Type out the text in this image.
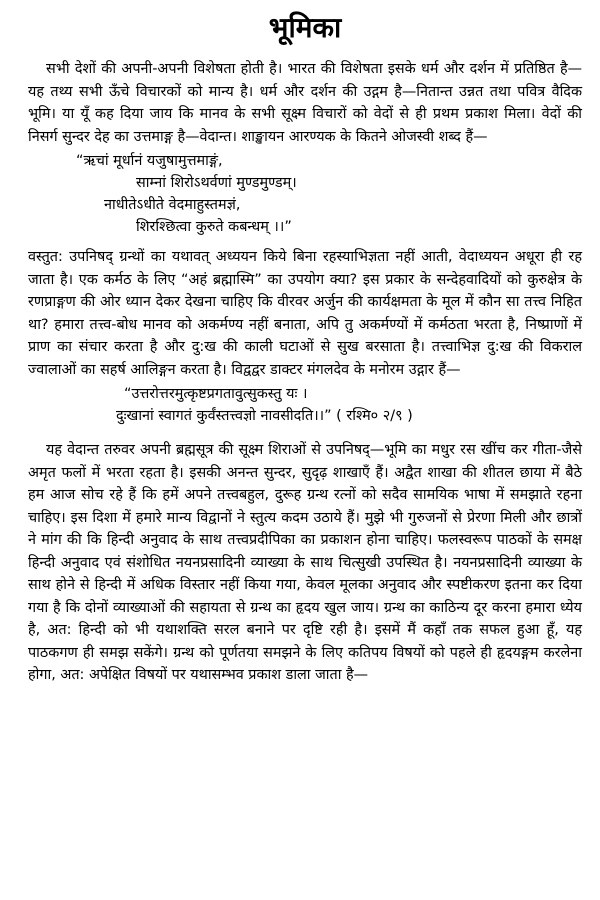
भूमिका

सभी देशों की अपनी-अपनी विशेषता होती है। भारत की विशेषता इसके धर्म और दर्शन में प्रतिष्ठित है—यह तथ्य सभी ऊँचे विचारकों को मान्य है। धर्म और दर्शन की उद्गम है—नितान्त उन्नत तथा पवित्र वैदिक भूमि। या यूँ कह दिया जाय कि मानव के सभी सूक्ष्म विचारों को वेदों से ही प्रथम प्रकाश मिला। वेदों की निसर्ग सुन्दर देह का उत्तमाङ्ग है—वेदान्त। शाङ्खायन आरण्यक के कितने ओजस्वी शब्द हैं—

“ऋचां मूर्धानं यजुषामुत्तमाङ्गं,
साम्नां शिरोऽथर्वणां मुण्डमुण्डम्।
नाधीतेऽधीते वेदमाहुस्तमज्ञं,
शिरश्छित्वा कुरुते कबन्धम् ।।”

वस्तुत: उपनिषद् ग्रन्थों का यथावत् अध्ययन किये बिना रहस्याभिज्ञता नहीं आती, वेदाध्ययन अधूरा ही रह जाता है। एक कर्मठ के लिए “अहं ब्रह्मास्मि” का उपयोग क्या? इस प्रकार के सन्देहवादियों को कुरुक्षेत्र के रणप्राङ्गण की ओर ध्यान देकर देखना चाहिए कि वीरवर अर्जुन की कार्यक्षमता के मूल में कौन सा तत्त्व निहित था? हमारा तत्त्व-बोध मानव को अकर्मण्य नहीं बनाता, अपि तु अकर्मण्यों में कर्मठता भरता है, निष्प्राणों में प्राण का संचार करता है और दु:ख की काली घटाओं से सुख बरसाता है। तत्त्वाभिज्ञ दु:ख की विकराल ज्वालाओं का सहर्ष आलिङ्गन करता है। विद्वद्वर डाक्टर मंगलदेव के मनोरम उद्गार हैं—

“उत्तरोत्तरमुत्कृष्टप्रगतावुत्सुकस्तु यः ।
दुःखानां स्वागतं कुर्वंस्तत्त्वज्ञो नावसीदति।।” ( रश्मि० २/९ )

यह वेदान्त तरुवर अपनी ब्रह्मसूत्र की सूक्ष्म शिराओं से उपनिषद्—भूमि का मधुर रस खींच कर गीता-जैसे अमृत फलों में भरता रहता है। इसकी अनन्त सुन्दर, सुदृढ़ शाखाएँ हैं। अद्वैत शाखा की शीतल छाया में बैठे हम आज सोच रहे हैं कि हमें अपने तत्त्वबहुल, दुरूह ग्रन्थ रत्नों को सदैव सामयिक भाषा में समझाते रहना चाहिए। इस दिशा में हमारे मान्य विद्वानों ने स्तुत्य कदम उठाये हैं। मुझे भी गुरुजनों से प्रेरणा मिली और छात्रों ने मांग की कि हिन्दी अनुवाद के साथ तत्त्वप्रदीपिका का प्रकाशन होना चाहिए। फलस्वरूप पाठकों के समक्ष हिन्दी अनुवाद एवं संशोधित नयनप्रसादिनी व्याख्या के साथ चित्सुखी उपस्थित है। नयनप्रसादिनी व्याख्या के साथ होने से हिन्दी में अधिक विस्तार नहीं किया गया, केवल मूलका अनुवाद और स्पष्टीकरण इतना कर दिया गया है कि दोनों व्याख्याओं की सहायता से ग्रन्थ का हृदय खुल जाय। ग्रन्थ का काठिन्य दूर करना हमारा ध्येय है, अत: हिन्दी को भी यथाशक्ति सरल बनाने पर दृष्टि रही है। इसमें मैं कहाँ तक सफल हुआ हूँ, यह पाठकगण ही समझ सकेंगे। ग्रन्थ को पूर्णतया समझने के लिए कतिपय विषयों को पहले ही हृदयङ्गम करलेना होगा, अत: अपेक्षित विषयों पर यथासम्भव प्रकाश डाला जाता है—
